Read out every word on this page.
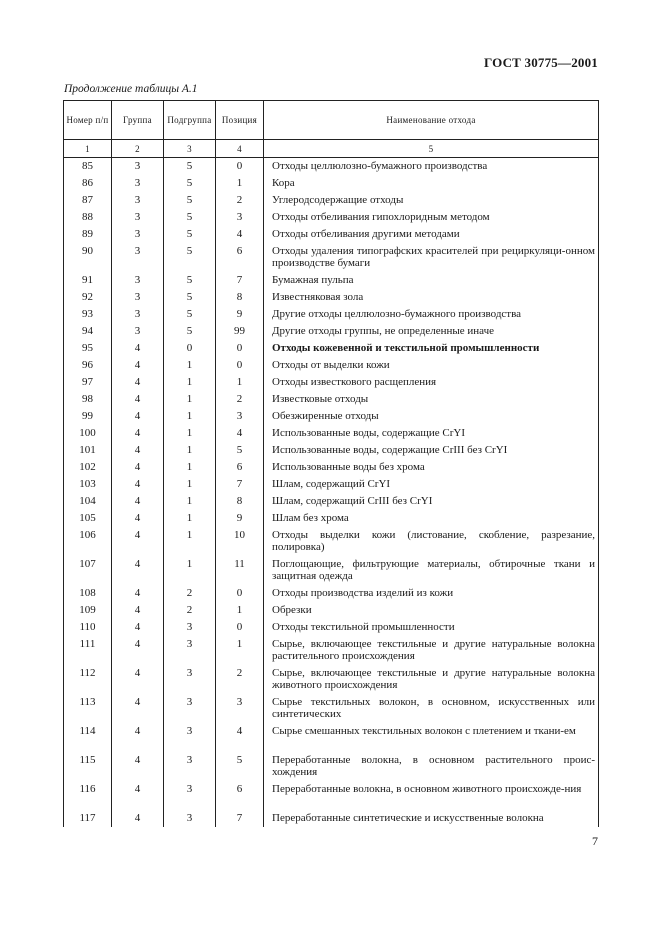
ГОСТ 30775—2001
Продолжение таблицы А.1
Номер п/п	Группа	Подгруппа	Позиция	Наименование отхода
1	2	3	4	5
85	3	5	0	Отходы целлюлозно-бумажного производства
86	3	5	1	Кора
87	3	5	2	Углеродсодержащие отходы
88	3	5	3	Отходы отбеливания гипохлоридным методом
89	3	5	4	Отходы отбеливания другими методами
90	3	5	6	Отходы удаления типографских красителей при рециркуляци-онном производстве бумаги
91	3	5	7	Бумажная пульпа
92	3	5	8	Известняковая зола
93	3	5	9	Другие отходы целлюлозно-бумажного производства
94	3	5	99	Другие отходы группы, не определенные иначе
95	4	0	0	Отходы кожевенной и текстильной промышленности
96	4	1	0	Отходы от выделки кожи
97	4	1	1	Отходы известкового расщепления
98	4	1	2	Известковые отходы
99	4	1	3	Обезжиренные отходы
100	4	1	4	Использованные воды, содержащие CrYI
101	4	1	5	Использованные воды, содержащие CrIII без CrYI
102	4	1	6	Использованные воды без хрома
103	4	1	7	Шлам, содержащий CrYI
104	4	1	8	Шлам, содержащий CrIII без CrYI
105	4	1	9	Шлам без хрома
106	4	1	10	Отходы выделки кожи (листование, скобление, разрезание, полировка)
107	4	1	11	Поглощающие, фильтрующие материалы, обтирочные ткани и защитная одежда
108	4	2	0	Отходы производства изделий из кожи
109	4	2	1	Обрезки
110	4	3	0	Отходы текстильной промышленности
111	4	3	1	Сырье, включающее текстильные и другие натуральные волокна растительного происхождения
112	4	3	2	Сырье, включающее текстильные и другие натуральные волокна животного происхождения
113	4	3	3	Сырье текстильных волокон, в основном, искусственных или синтетических
114	4	3	4	Сырье смешанных текстильных волокон с плетением и ткани-ем
115	4	3	5	Переработанные волокна, в основном растительного проис-хождения
116	4	3	6	Переработанные волокна, в основном животного происхожде-ния
117	4	3	7	Переработанные синтетические и искусственные волокна
7
